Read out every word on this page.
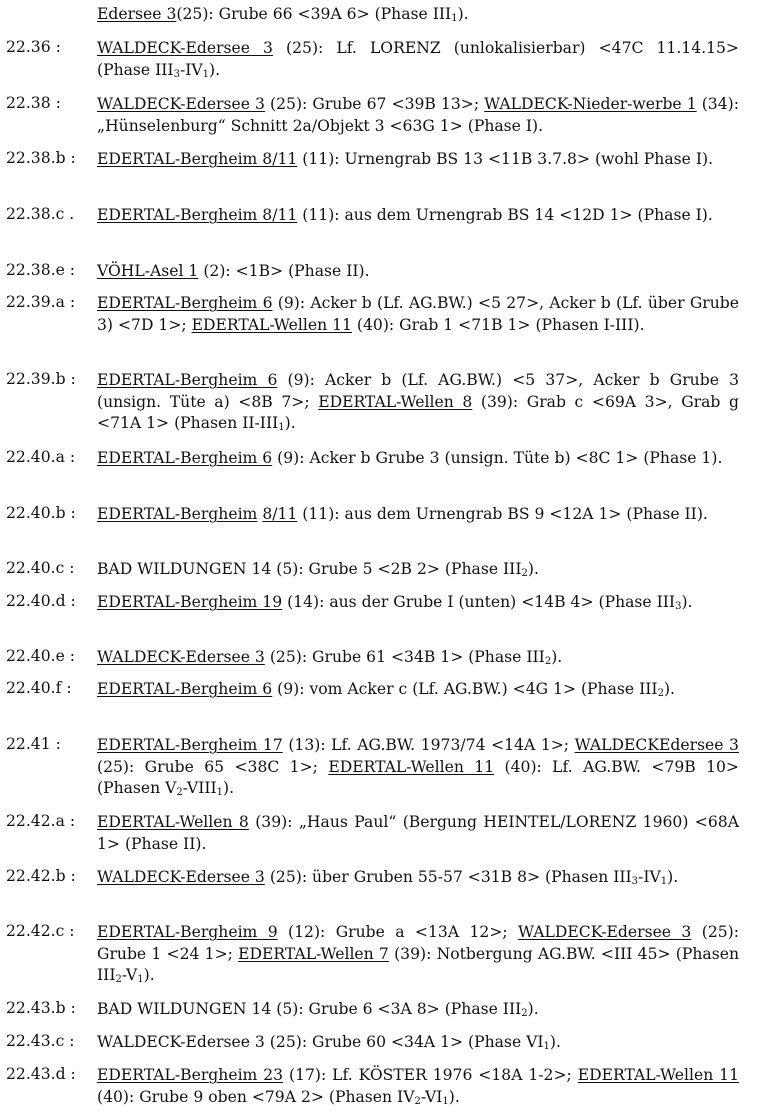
Edersee 3(25): Grube 66 <39A 6> (Phase $III_1$).
22.36 : WALDECK-Edersee 3 (25): Lf. LORENZ (unlokalisierbar) <47C 11.14.15> (Phase $III_3-IV_1$).
22.38 : WALDECK-Edersee 3 (25): Grube 67 <39B 13>; WALDECK-Nieder-werbe 1 (34): „Hünselenburg“ Schnitt 2a/Objekt 3 <63G 1> (Phase I).
22.38.b : EDERTAL-Bergheim 8/11 (11): Urnengrab BS 13 <11B 3.7.8> (wohl Phase I).
22.38.c . EDERTAL-Bergheim 8/11 (11): aus dem Urnengrab BS 14 <12D 1> (Phase I).
22.38.e : VÖHL-Asel 1 (2): <1B> (Phase II).
22.39.a : EDERTAL-Bergheim 6 (9): Acker b (Lf. AG.BW.) <5 27>, Acker b (Lf. über Grube 3) <7D 1>; EDERTAL-Wellen 11 (40): Grab 1 <71B 1> (Phasen I-III).
22.39.b : EDERTAL-Bergheim 6 (9): Acker b (Lf. AG.BW.) <5 37>, Acker b Grube 3 (unsign. Tüte a) <8B 7>; EDERTAL-Wellen 8 (39): Grab c <69A 3>, Grab g <71A 1> (Phasen $II-III_1$).
22.40.a : EDERTAL-Bergheim 6 (9): Acker b Grube 3 (unsign. Tüte b) <8C 1> (Phase 1).
22.40.b : EDERTAL-Bergheim 8/11 (11): aus dem Urnengrab BS 9 <12A 1> (Phase II).
22.40.c : BAD WILDUNGEN 14 (5): Grube 5 <2B 2> (Phase $III_2$).
22.40.d : EDERTAL-Bergheim 19 (14): aus der Grube I (unten) <14B 4> (Phase $III_3$).
22.40.e : WALDECK-Edersee 3 (25): Grube 61 <34B 1> (Phase $III_2$).
22.40.f : EDERTAL-Bergheim 6 (9): vom Acker c (Lf. AG.BW.) <4G 1> (Phase $III_2$).
22.41 : EDERTAL-Bergheim 17 (13): Lf. AG.BW. 1973/74 <14A 1>; WALDECKEdersee 3 (25): Grube 65 <38C 1>; EDERTAL-Wellen 11 (40): Lf. AG.BW. <79B 10> (Phasen $V_2-VIII_1$).
22.42.a : EDERTAL-Wellen 8 (39): „Haus Paul“ (Bergung HEINTEL/LORENZ 1960) <68A 1> (Phase II).
22.42.b : WALDECK-Edersee 3 (25): über Gruben 55-57 <31B 8> (Phasen $III_3-IV_1$).
22.42.c : EDERTAL-Bergheim 9 (12): Grube a <13A 12>; WALDECK-Edersee 3 (25): Grube 1 <24 1>; EDERTAL-Wellen 7 (39): Notbergung AG.BW. <III 45> (Phasen $III_2-V_1$).
22.43.b : BAD WILDUNGEN 14 (5): Grube 6 <3A 8> (Phase $III_2$).
22.43.c : WALDECK-Edersee 3 (25): Grube 60 <34A 1> (Phase $VI_1$).
22.43.d : EDERTAL-Bergheim 23 (17): Lf. KÖSTER 1976 <18A 1-2>; EDERTAL-Wellen 11 (40): Grube 9 oben <79A 2> (Phasen $IV_2-VI_1$).
